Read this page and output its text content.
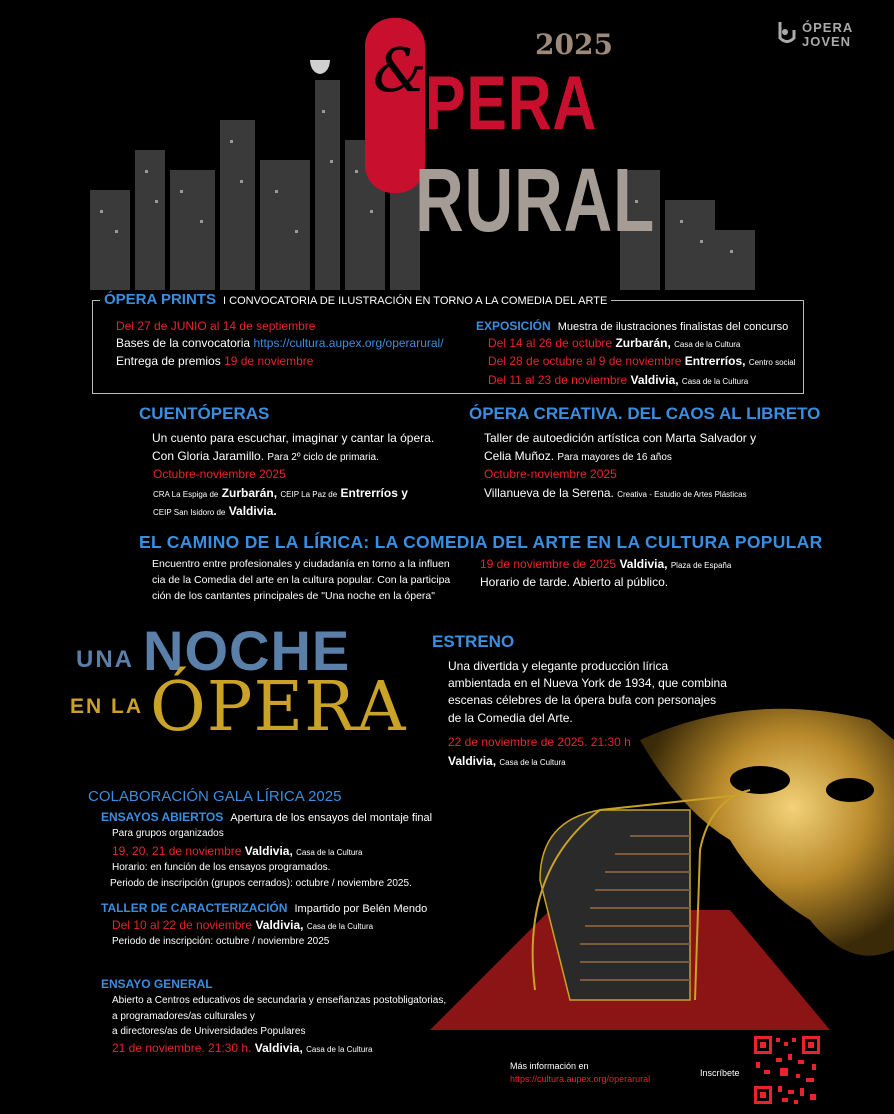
ÓPERA
JOVEN
2025
&
PERA
RURAL
ÓPERA PRINTS I CONVOCATORIA DE ILUSTRACIÓN EN TORNO A LA COMEDIA DEL ARTE
Del 27 de JUNIO al 14 de septiembre
Bases de la convocatoria https://cultura.aupex.org/operarural/
Entrega de premios 19 de noviembre
EXPOSICIÓN Muestra de ilustraciones finalistas del concurso
Del 14 al 26 de octubre Zurbarán, Casa de la Cultura
Del 28 de octubre al 9 de noviembre Entrerríos, Centro social
Del 11 al 23 de noviembre Valdivia, Casa de la Cultura
CUENTÓPERAS
Un cuento para escuchar, imaginar y cantar la ópera.
Con Gloria Jaramillo. Para 2º ciclo de primaria.
Octubre-noviembre 2025
CRA La Espiga de Zurbarán, CEIP La Paz de Entrerríos y
CEIP San Isidoro de Valdivia.
ÓPERA CREATIVA. DEL CAOS AL LIBRETO
Taller de autoedición artística con Marta Salvador y
Celia Muñoz. Para mayores de 16 años
Octubre-noviembre 2025
Villanueva de la Serena. Creativa - Estudio de Artes Plásticas
EL CAMINO DE LA LÍRICA: LA COMEDIA DEL ARTE EN LA CULTURA POPULAR
Encuentro entre profesionales y ciudadanía en torno a la influen
cia de la Comedia del arte en la cultura popular. Con la participa
ción de los cantantes principales de "Una noche en la ópera"
19 de noviembre de 2025 Valdivia, Plaza de España
Horario de tarde. Abierto al público.
UNA NOCHE
EN LA ÓPERA
ESTRENO
Una divertida y elegante producción lírica
ambientada en el Nueva York de 1934, que combina
escenas célebres de la ópera bufa con personajes
de la Comedia del Arte.
22 de noviembre de 2025. 21:30 h
Valdivia, Casa de la Cultura
COLABORACIÓN GALA LÍRICA 2025
ENSAYOS ABIERTOS Apertura de los ensayos del montaje final
Para grupos organizados
19, 20, 21 de noviembre Valdivia, Casa de la Cultura
Horario: en función de los ensayos programados.
Periodo de inscripción (grupos cerrados): octubre / noviembre 2025.
TALLER DE CARACTERIZACIÓN Impartido por Belén Mendo
Del 10 al 22 de noviembre Valdivia, Casa de la Cultura
Periodo de inscripción: octubre / noviembre 2025
ENSAYO GENERAL
Abierto a Centros educativos de secundaria y enseñanzas postobligatorias,
a programadores/as culturales y
a directores/as de Universidades Populares
21 de noviembre. 21:30 h. Valdivia, Casa de la Cultura
Más información en
https://cultura.aupex.org/operarural
Inscríbete
